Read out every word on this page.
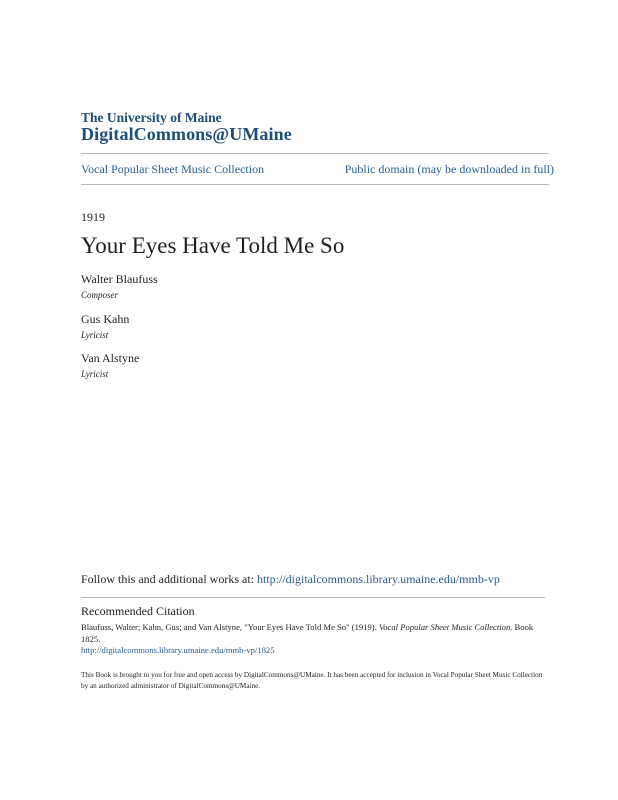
The University of Maine
DigitalCommons@UMaine
Vocal Popular Sheet Music Collection	Public domain (may be downloaded in full)
1919
Your Eyes Have Told Me So
Walter Blaufuss
Composer
Gus Kahn
Lyricist
Van Alstyne
Lyricist
Follow this and additional works at: http://digitalcommons.library.umaine.edu/mmb-vp
Recommended Citation
Blaufuss, Walter; Kahn, Gus; and Van Alstyne, "Your Eyes Have Told Me So" (1919). Vocal Popular Sheet Music Collection. Book 1825.
http://digitalcommons.library.umaine.edu/mmb-vp/1825
This Book is brought to you for free and open access by DigitalCommons@UMaine. It has been accepted for inclusion in Vocal Popular Sheet Music Collection by an authorized administrator of DigitalCommons@UMaine.
